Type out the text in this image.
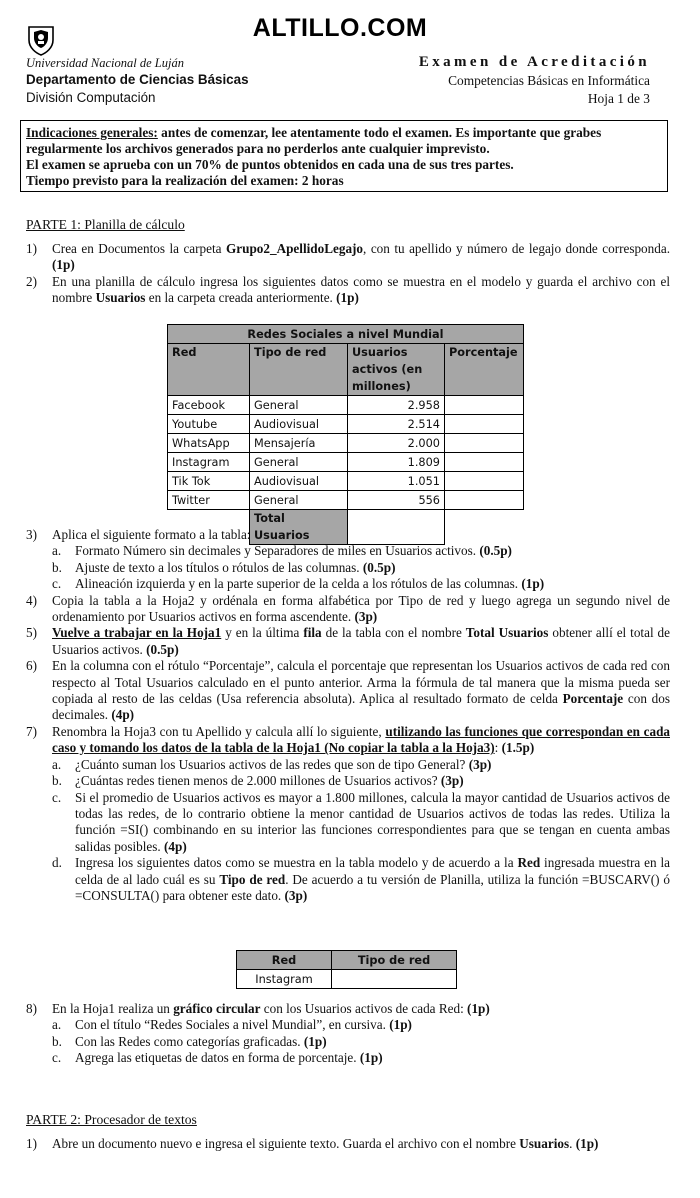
ALTILLO.COM
Universidad Nacional de Luján
Departamento de Ciencias Básicas
División Computación
Examen de Acreditación
Competencias Básicas en Informática
Hoja 1 de 3
Indicaciones generales: antes de comenzar, lee atentamente todo el examen. Es importante que grabes regularmente los archivos generados para no perderlos ante cualquier imprevisto.
El examen se aprueba con un 70% de puntos obtenidos en cada una de sus tres partes.
Tiempo previsto para la realización del examen: 2 horas
PARTE 1: Planilla de cálculo
1) Crea en Documentos la carpeta Grupo2_ApellidoLegajo, con tu apellido y número de legajo donde corresponda. (1p)
2) En una planilla de cálculo ingresa los siguientes datos como se muestra en el modelo y guarda el archivo con el nombre Usuarios en la carpeta creada anteriormente. (1p)
Redes Sociales a nivel Mundial			
Red	Tipo de red	Usuarios activos (en millones)	Porcentaje
Facebook	General	2.958	
Youtube	Audiovisual	2.514	
WhatsApp	Mensajería	2.000	
Instagram	General	1.809	
Tik Tok	Audiovisual	1.051	
Twitter	General	556	
	Total Usuarios		
3) Aplica el siguiente formato a la tabla:
a. Formato Número sin decimales y Separadores de miles en Usuarios activos. (0.5p)
b. Ajuste de texto a los títulos o rótulos de las columnas. (0.5p)
c. Alineación izquierda y en la parte superior de la celda a los rótulos de las columnas. (1p)
4) Copia la tabla a la Hoja2 y ordénala en forma alfabética por Tipo de red y luego agrega un segundo nivel de ordenamiento por Usuarios activos en forma ascendente. (3p)
5) Vuelve a trabajar en la Hoja1 y en la última fila de la tabla con el nombre Total Usuarios obtener allí el total de Usuarios activos. (0.5p)
6) En la columna con el rótulo “Porcentaje”, calcula el porcentaje que representan los Usuarios activos de cada red con respecto al Total Usuarios calculado en el punto anterior. Arma la fórmula de tal manera que la misma pueda ser copiada al resto de las celdas (Usa referencia absoluta). Aplica al resultado formato de celda Porcentaje con dos decimales. (4p)
7) Renombra la Hoja3 con tu Apellido y calcula allí lo siguiente, utilizando las funciones que correspondan en cada caso y tomando los datos de la tabla de la Hoja1 (No copiar la tabla a la Hoja3): (1.5p)
a. ¿Cuánto suman los Usuarios activos de las redes que son de tipo General? (3p)
b. ¿Cuántas redes tienen menos de 2.000 millones de Usuarios activos? (3p)
c. Si el promedio de Usuarios activos es mayor a 1.800 millones, calcula la mayor cantidad de Usuarios activos de todas las redes, de lo contrario obtiene la menor cantidad de Usuarios activos de todas las redes. Utiliza la función =SI() combinando en su interior las funciones correspondientes para que se tengan en cuenta ambas salidas posibles. (4p)
d. Ingresa los siguientes datos como se muestra en la tabla modelo y de acuerdo a la Red ingresada muestra en la celda de al lado cuál es su Tipo de red. De acuerdo a tu versión de Planilla, utiliza la función =BUSCARV() ó =CONSULTA() para obtener este dato. (3p)
Red	Tipo de red
Instagram	
8) En la Hoja1 realiza un gráfico circular con los Usuarios activos de cada Red: (1p)
a. Con el título “Redes Sociales a nivel Mundial”, en cursiva. (1p)
b. Con las Redes como categorías graficadas. (1p)
c. Agrega las etiquetas de datos en forma de porcentaje. (1p)
PARTE 2: Procesador de textos
1) Abre un documento nuevo e ingresa el siguiente texto. Guarda el archivo con el nombre Usuarios. (1p)
